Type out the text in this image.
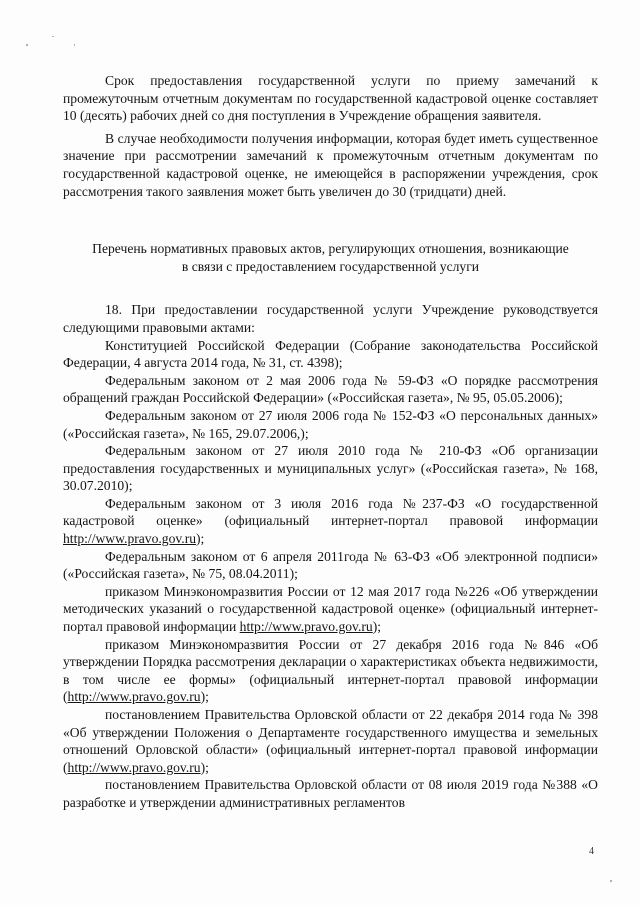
Срок предоставления государственной услуги по приему замечаний к промежуточным отчетным документам по государственной кадастровой оценке составляет 10 (десять) рабочих дней со дня поступления в Учреждение обращения заявителя.

В случае необходимости получения информации, которая будет иметь существенное значение при рассмотрении замечаний к промежуточным отчетным документам по государственной кадастровой оценке, не имеющейся в распоряжении учреждения, срок рассмотрения такого заявления может быть увеличен до 30 (тридцати) дней.

Перечень нормативных правовых актов, регулирующих отношения, возникающие
в связи с предоставлением государственной услуги

18. При предоставлении государственной услуги Учреждение руководствуется следующими правовыми актами:

Конституцией Российской Федерации (Собрание законодательства Российской Федерации, 4 августа 2014 года, № 31, ст. 4398);

Федеральным законом от 2 мая 2006 года № 59-ФЗ «О порядке рассмотрения обращений граждан Российской Федерации» («Российская газета», № 95, 05.05.2006);

Федеральным законом от 27 июля 2006 года № 152-ФЗ «О персональных данных» («Российская газета», № 165, 29.07.2006,);

Федеральным законом от 27 июля 2010 года № 210-ФЗ «Об организации предоставления государственных и муниципальных услуг» («Российская газета», № 168, 30.07.2010);

Федеральным законом от 3 июля 2016 года №237-ФЗ «О государственной кадастровой оценке» (официальный интернет-портал правовой информации http://www.pravo.gov.ru);

Федеральным законом от 6 апреля 2011года № 63-ФЗ «Об электронной подписи» («Российская газета», № 75, 08.04.2011);

приказом Минэкономразвития России от 12 мая 2017 года №226 «Об утверждении методических указаний о государственной кадастровой оценке» (официальный интернет-портал правовой информации http://www.pravo.gov.ru);

приказом Минэкономразвития России от 27 декабря 2016 года №846 «Об утверждении Порядка рассмотрения декларации о характеристиках объекта недвижимости, в том числе ее формы» (официальный интернет-портал правовой информации (http://www.pravo.gov.ru);

постановлением Правительства Орловской области от 22 декабря 2014 года № 398 «Об утверждении Положения о Департаменте государственного имущества и земельных отношений Орловской области» (официальный интернет-портал правовой информации (http://www.pravo.gov.ru);

постановлением Правительства Орловской области от 08 июля 2019 года №388 «О разработке и утверждении административных регламентов

4
